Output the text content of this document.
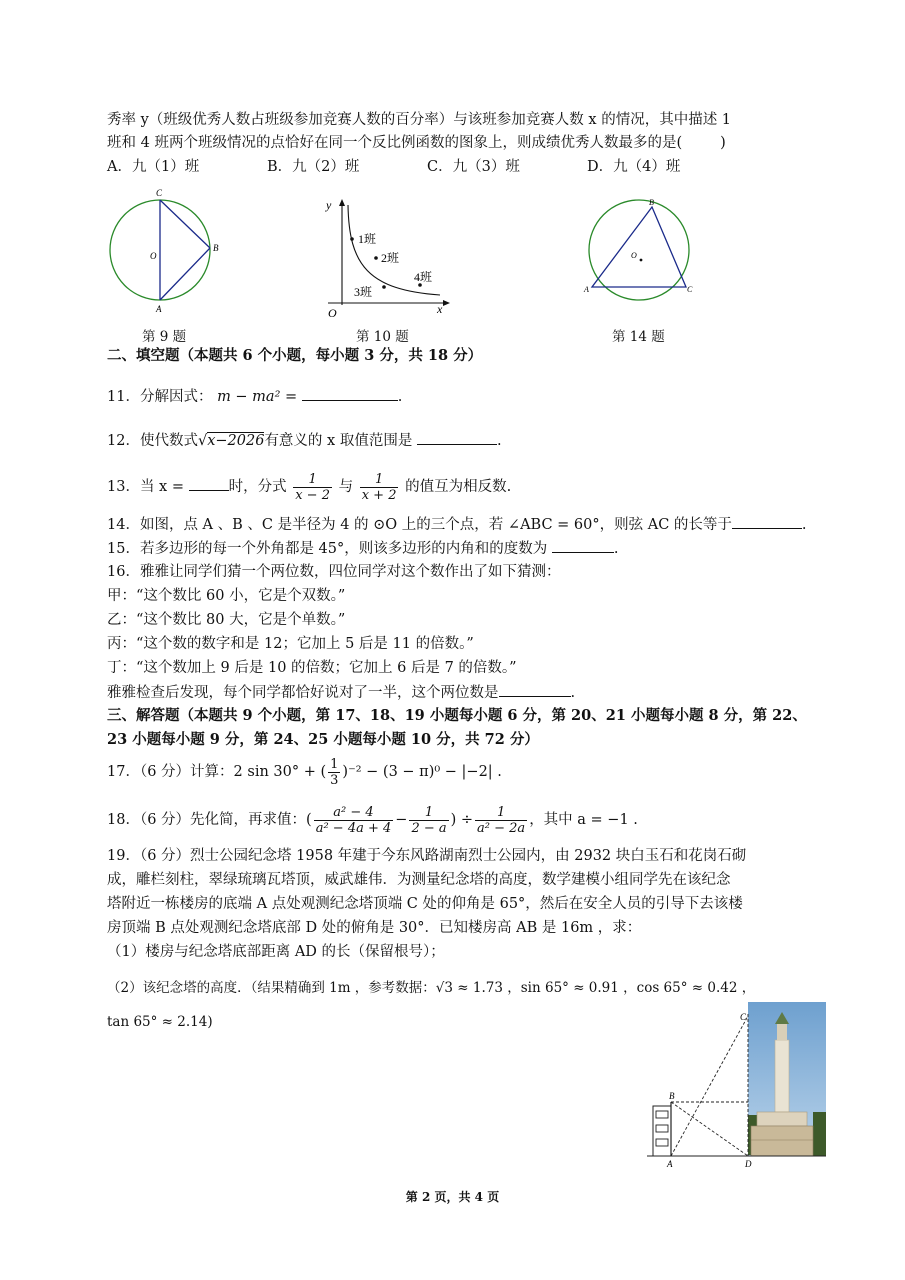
秀率 y（班级优秀人数占班级参加竞赛人数的百分率）与该班参加竞赛人数 x 的情况，其中描述 1
班和 4 班两个班级情况的点恰好在同一个反比例函数的图象上，则成绩优秀人数最多的是(	)
A．九（1）班	B．九（2）班	C．九（3）班	D．九（4）班
C
O
B
A
第 9 题
y
O	x
1班
2班
3班
4班
第 10 题
B
O
A	C
第 14 题
二、填空题（本题共 6 个小题，每小题 3 分，共 18 分）
11．分解因式： m − ma² =	.
12．使代数式√x−2026有意义的 x 取值范围是	.
13．当 x =	时，分式 $\frac{1}{x - 2}$ 与 $\frac{1}{x + 2}$ 的值互为相反数.
14．如图，点 A 、B 、C 是半径为 4 的 ⊙O 上的三个点，若 ∠ABC = 60°，则弦 AC 的长等于	.
15．若多边形的每一个外角都是 45°，则该多边形的内角和的度数为	.
16．雅雅让同学们猜一个两位数，四位同学对这个数作出了如下猜测：
甲：“这个数比 60 小，它是个双数。”
乙：“这个数比 80 大，它是个单数。”
丙：“这个数的数字和是 12；它加上 5 后是 11 的倍数。”
丁：“这个数加上 9 后是 10 的倍数；它加上 6 后是 7 的倍数。”
雅雅检查后发现，每个同学都恰好说对了一半，这个两位数是	.
三、解答题（本题共 9 个小题，第 17、18、19 小题每小题 6 分，第 20、21 小题每小题 8 分，第 22、
23 小题每小题 9 分，第 24、25 小题每小题 10 分，共 72 分）
17．（6 分）计算：2 sin 30° + ( $\frac{1}{3} )^{-2} - (3 - \pi)^0 - |-2|$ .
18．（6 分）先化简，再求值：( $\frac{\text{a² − 4}}{\text{a² − 4a + 4}} - \frac{1}{2 - a}$ ) ÷ $\frac{1}{\text{a² − 2a}}$ ，其中 a = −1 .
19．（6 分）烈士公园纪念塔 1958 年建于今东风路湖南烈士公园内，由 2932 块白玉石和花岗石砌
成，雕栏刻柱，翠绿琉璃瓦塔顶，威武雄伟．为测量纪念塔的高度，数学建模小组同学先在该纪念
塔附近一栋楼房的底端 A 点处观测纪念塔顶端 C 处的仰角是 65°，然后在安全人员的引导下去该楼
房顶端 B 点处观测纪念塔底部 D 处的俯角是 30°．已知楼房高 AB 是 16m ，求：
（1）楼房与纪念塔底部距离 AD 的长（保留根号）；
（2）该纪念塔的高度．（结果精确到 1m ，参考数据：√3 ≈ 1.73 ，sin 65° ≈ 0.91 ，cos 65° ≈ 0.42 ，
tan 65° ≈ 2.14)	C
B
A	D
第 2 页，共 4 页
